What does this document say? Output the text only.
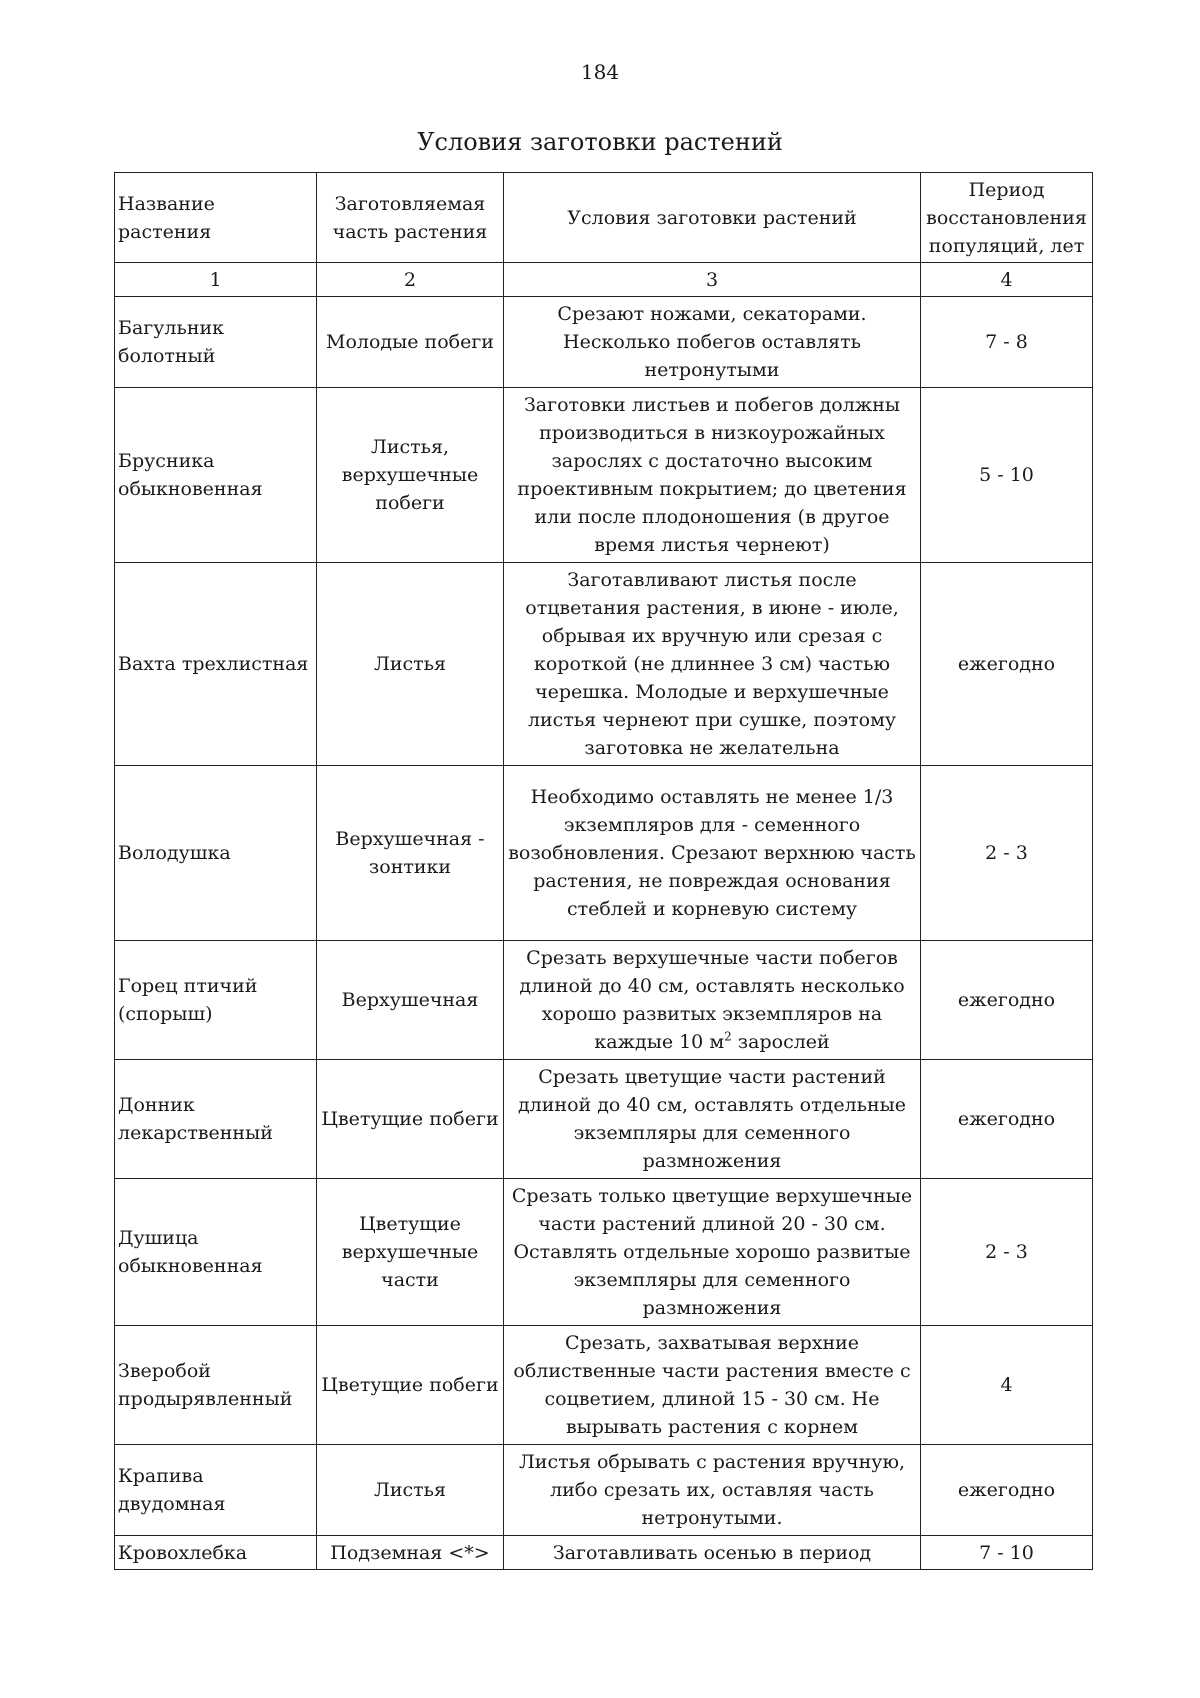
184
Условия заготовки растений
Название растения	Заготовляемая часть растения	Условия заготовки растений	Период восстановления популяций, лет
1	2	3	4
Багульник болотный	Молодые побеги	Срезают ножами, секаторами. Несколько побегов оставлять нетронутыми	7 - 8
Брусника обыкновенная	Листья, верхушечные побеги	Заготовки листьев и побегов должны производиться в низкоурожайных зарослях с достаточно высоким проективным покрытием; до цветения или после плодоношения (в другое время листья чернеют)	5 - 10
Вахта трехлистная	Листья	Заготавливают листья после отцветания растения, в июне - июле, обрывая их вручную или срезая с короткой (не длиннее 3 см) частью черешка. Молодые и верхушечные листья чернеют при сушке, поэтому заготовка не желательна	ежегодно
Володушка	Верхушечная - зонтики	Необходимо оставлять не менее 1/3 экземпляров для - семенного возобновления. Срезают верхнюю часть растения, не повреждая основания стеблей и корневую систему	2 - 3
Горец птичий (спорыш)	Верхушечная	Срезать верхушечные части побегов длиной до 40 см, оставлять несколько хорошо развитых экземпляров на каждые 10 $м^2$ зарослей	ежегодно
Донник лекарственный	Цветущие побеги	Срезать цветущие части растений длиной до 40 см, оставлять отдельные экземпляры для семенного размножения	ежегодно
Душица обыкновенная	Цветущие верхушечные части	Срезать только цветущие верхушечные части растений длиной 20 - 30 см. Оставлять отдельные хорошо развитые экземпляры для семенного размножения	2 - 3
Зверобой продырявленный	Цветущие побеги	Срезать, захватывая верхние облиственные части растения вместе с соцветием, длиной 15 - 30 см. Не вырывать растения с корнем	4
Крапива двудомная	Листья	Листья обрывать с растения вручную, либо срезать их, оставляя часть нетронутыми.	ежегодно
Кровохлебка	Подземная <*>	Заготавливать осенью в период	7 - 10
